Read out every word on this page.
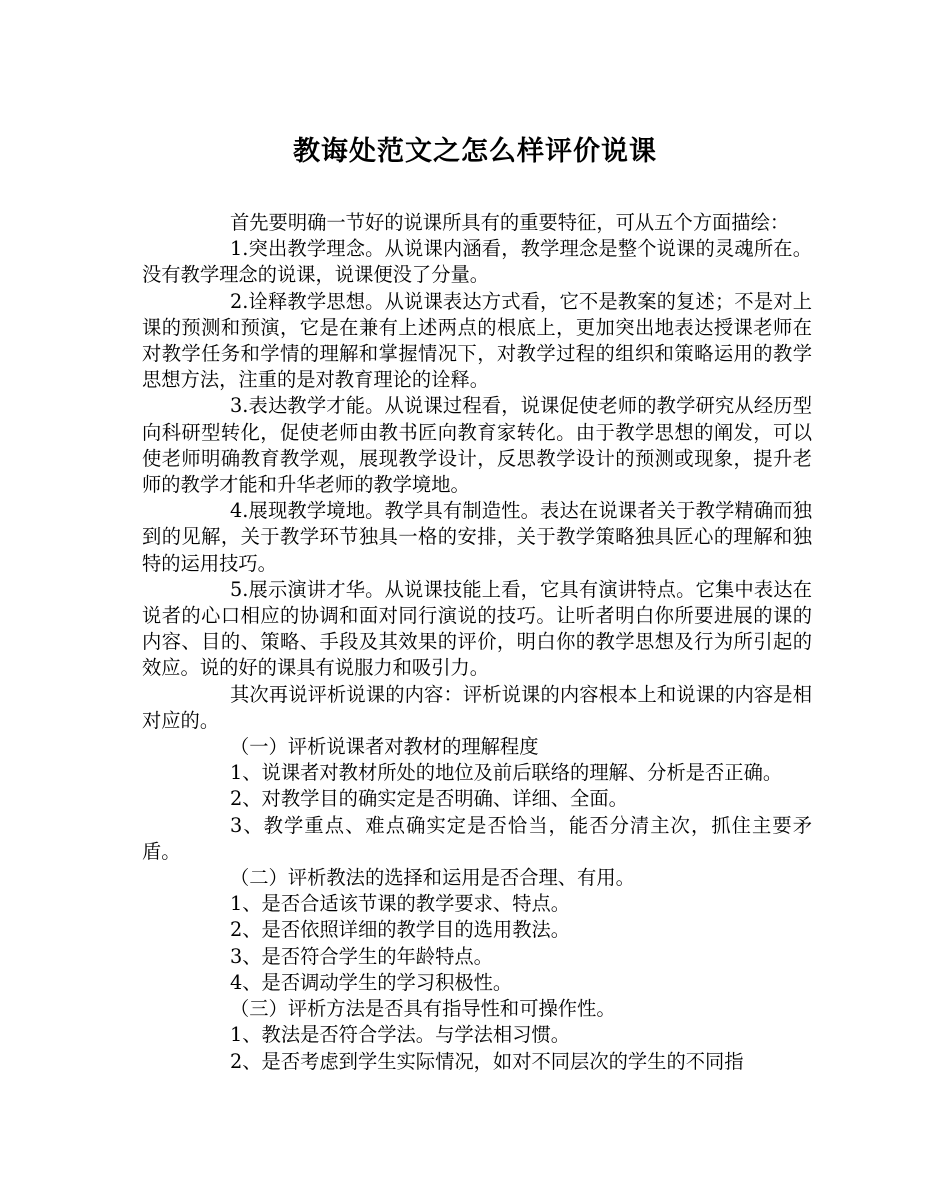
教诲处范文之怎么样评价说课

首先要明确一节好的说课所具有的重要特征，可从五个方面描绘：

1.突出教学理念。从说课内涵看，教学理念是整个说课的灵魂所在。没有教学理念的说课，说课便没了分量。

2.诠释教学思想。从说课表达方式看，它不是教案的复述；不是对上课的预测和预演，它是在兼有上述两点的根底上，更加突出地表达授课老师在对教学任务和学情的理解和掌握情况下，对教学过程的组织和策略运用的教学思想方法，注重的是对教育理论的诠释。

3.表达教学才能。从说课过程看，说课促使老师的教学研究从经历型向科研型转化，促使老师由教书匠向教育家转化。由于教学思想的阐发，可以使老师明确教育教学观，展现教学设计，反思教学设计的预测或现象，提升老师的教学才能和升华老师的教学境地。

4.展现教学境地。教学具有制造性。表达在说课者关于教学精确而独到的见解，关于教学环节独具一格的安排，关于教学策略独具匠心的理解和独特的运用技巧。

5.展示演讲才华。从说课技能上看，它具有演讲特点。它集中表达在说者的心口相应的协调和面对同行演说的技巧。让听者明白你所要进展的课的内容、目的、策略、手段及其效果的评价，明白你的教学思想及行为所引起的效应。说的好的课具有说服力和吸引力。

其次再说评析说课的内容：评析说课的内容根本上和说课的内容是相对应的。

（一）评析说课者对教材的理解程度

1、说课者对教材所处的地位及前后联络的理解、分析是否正确。

2、对教学目的确实定是否明确、详细、全面。

3、教学重点、难点确实定是否恰当，能否分清主次，抓住主要矛盾。

（二）评析教法的选择和运用是否合理、有用。

1、是否合适该节课的教学要求、特点。

2、是否依照详细的教学目的选用教法。

3、是否符合学生的年龄特点。

4、是否调动学生的学习积极性。

（三）评析方法是否具有指导性和可操作性。

1、教法是否符合学法。与学法相习惯。

2、是否考虑到学生实际情况，如对不同层次的学生的不同指
